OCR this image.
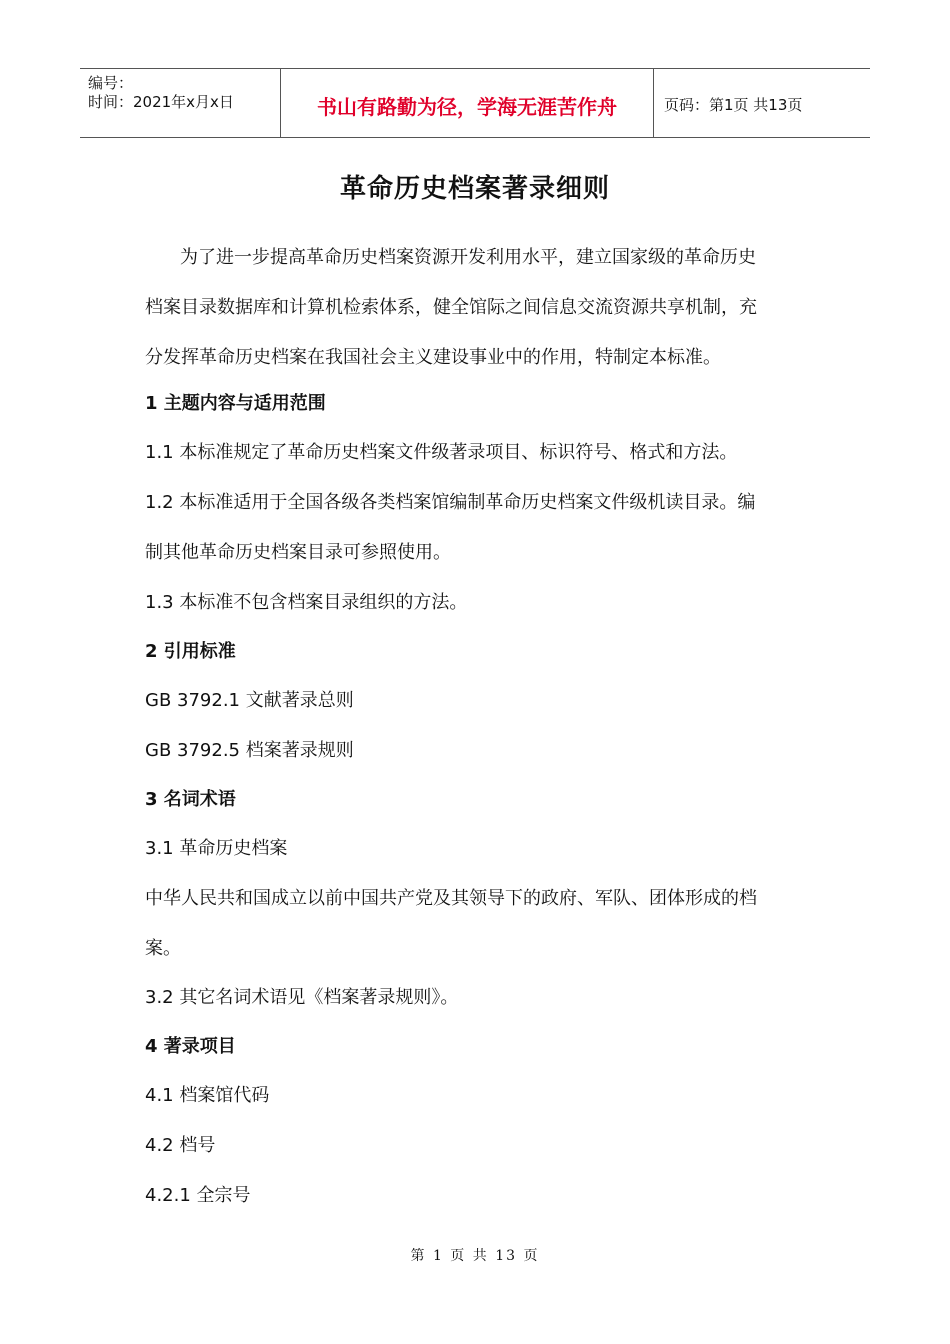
编号：
时间：2021年x月x日	书山有路勤为径，学海无涯苦作舟	页码：第1页 共13页
革命历史档案著录细则
为了进一步提高革命历史档案资源开发利用水平，建立国家级的革命历史
档案目录数据库和计算机检索体系，健全馆际之间信息交流资源共享机制，充
分发挥革命历史档案在我国社会主义建设事业中的作用，特制定本标准。
1 主题内容与适用范围
1.1 本标准规定了革命历史档案文件级著录项目、标识符号、格式和方法。
1.2 本标准适用于全国各级各类档案馆编制革命历史档案文件级机读目录。编
制其他革命历史档案目录可参照使用。
1.3 本标准不包含档案目录组织的方法。
2 引用标准
GB 3792.1 文献著录总则
GB 3792.5 档案著录规则
3 名词术语
3.1 革命历史档案
中华人民共和国成立以前中国共产党及其领导下的政府、军队、团体形成的档
案。
3.2 其它名词术语见《档案著录规则》。
4 著录项目
4.1 档案馆代码
4.2 档号
4.2.1 全宗号
第 1 页 共 13 页
